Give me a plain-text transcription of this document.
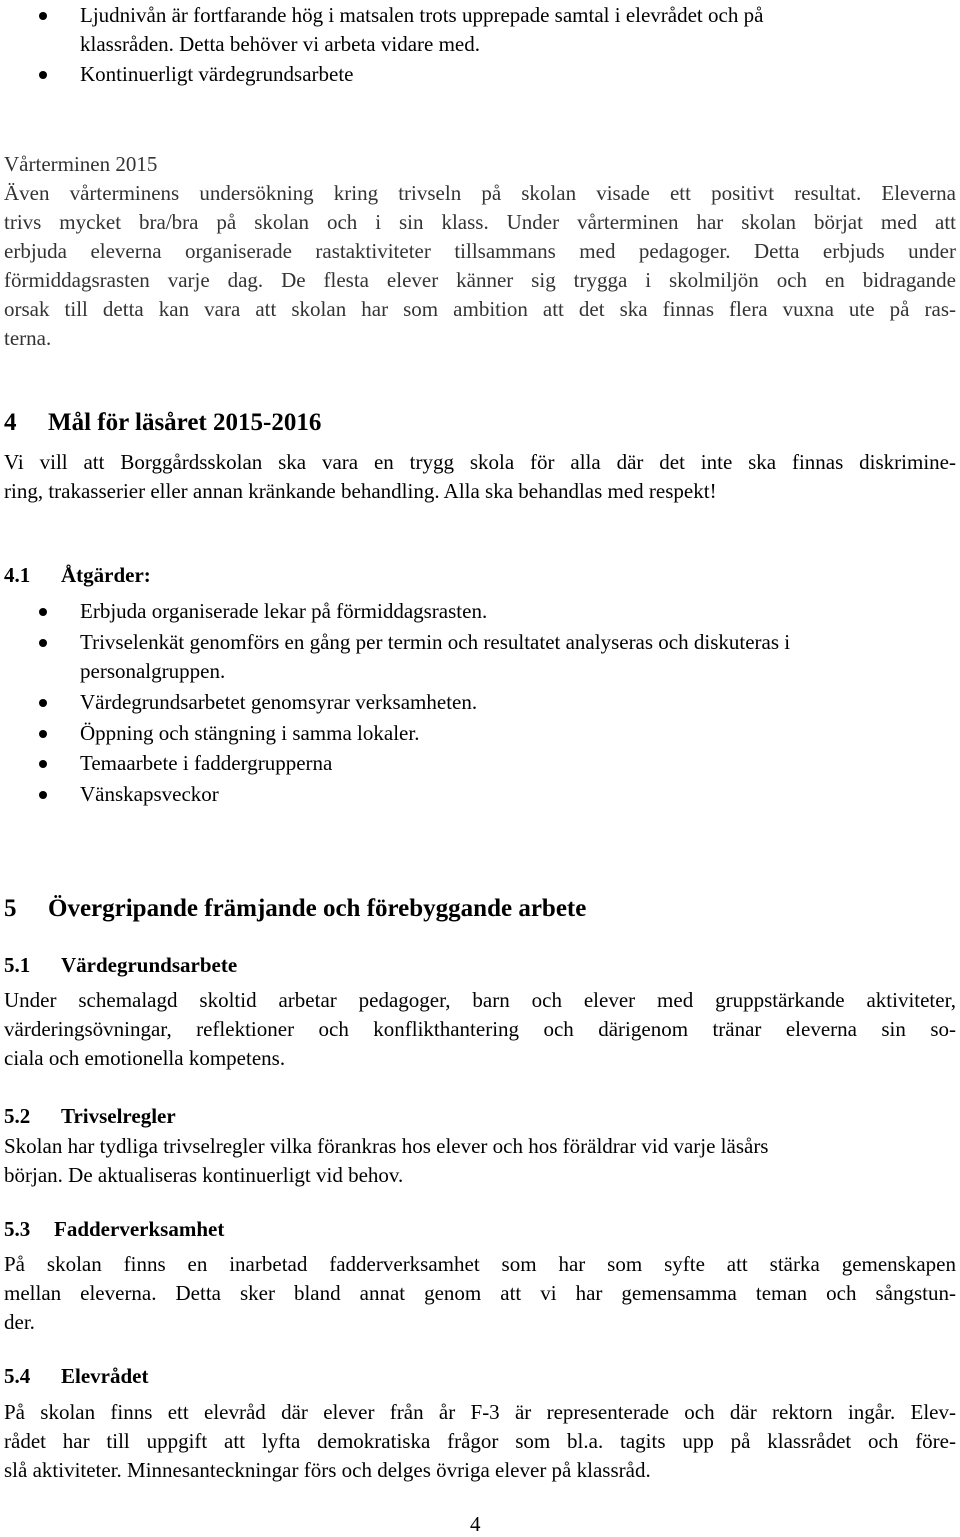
Ljudnivån är fortfarande hög i matsalen trots upprepade samtal i elevrådet och på
klassråden. Detta behöver vi arbeta vidare med.
Kontinuerligt värdegrundsarbete
Vårterminen 2015
Även vårterminens undersökning kring trivseln på skolan visade ett positivt resultat. Eleverna
trivs mycket bra/bra på skolan och i sin klass. Under vårterminen har skolan börjat med att
erbjuda eleverna organiserade rastaktiviteter tillsammans med pedagoger. Detta erbjuds under
förmiddagsrasten varje dag. De flesta elever känner sig trygga i skolmiljön och en bidragande
orsak till detta kan vara att skolan har som ambition att det ska finnas flera vuxna ute på ras-
terna.
4 Mål för läsåret 2015-2016
Vi vill att Borggårdsskolan ska vara en trygg skola för alla där det inte ska finnas diskrimine-
ring, trakasserier eller annan kränkande behandling. Alla ska behandlas med respekt!
4.1 Åtgärder:
Erbjuda organiserade lekar på förmiddagsrasten.
Trivselenkät genomförs en gång per termin och resultatet analyseras och diskuteras i
personalgruppen.
Värdegrundsarbetet genomsyrar verksamheten.
Öppning och stängning i samma lokaler.
Temaarbete i faddergrupperna
Vänskapsveckor
5 Övergripande främjande och förebyggande arbete
5.1 Värdegrundsarbete
Under schemalagd skoltid arbetar pedagoger, barn och elever med gruppstärkande aktiviteter,
värderingsövningar, reflektioner och konflikthantering och därigenom tränar eleverna sin so-
ciala och emotionella kompetens.
5.2 Trivselregler
Skolan har tydliga trivselregler vilka förankras hos elever och hos föräldrar vid varje läsårs
början. De aktualiseras kontinuerligt vid behov.
5.3 Fadderverksamhet
På skolan finns en inarbetad fadderverksamhet som har som syfte att stärka gemenskapen
mellan eleverna. Detta sker bland annat genom att vi har gemensamma teman och sångstun-
der.
5.4 Elevrådet
På skolan finns ett elevråd där elever från år F-3 är representerade och där rektorn ingår. Elev-
rådet har till uppgift att lyfta demokratiska frågor som bl.a. tagits upp på klassrådet och före-
slå aktiviteter. Minnesanteckningar förs och delges övriga elever på klassråd.
4
